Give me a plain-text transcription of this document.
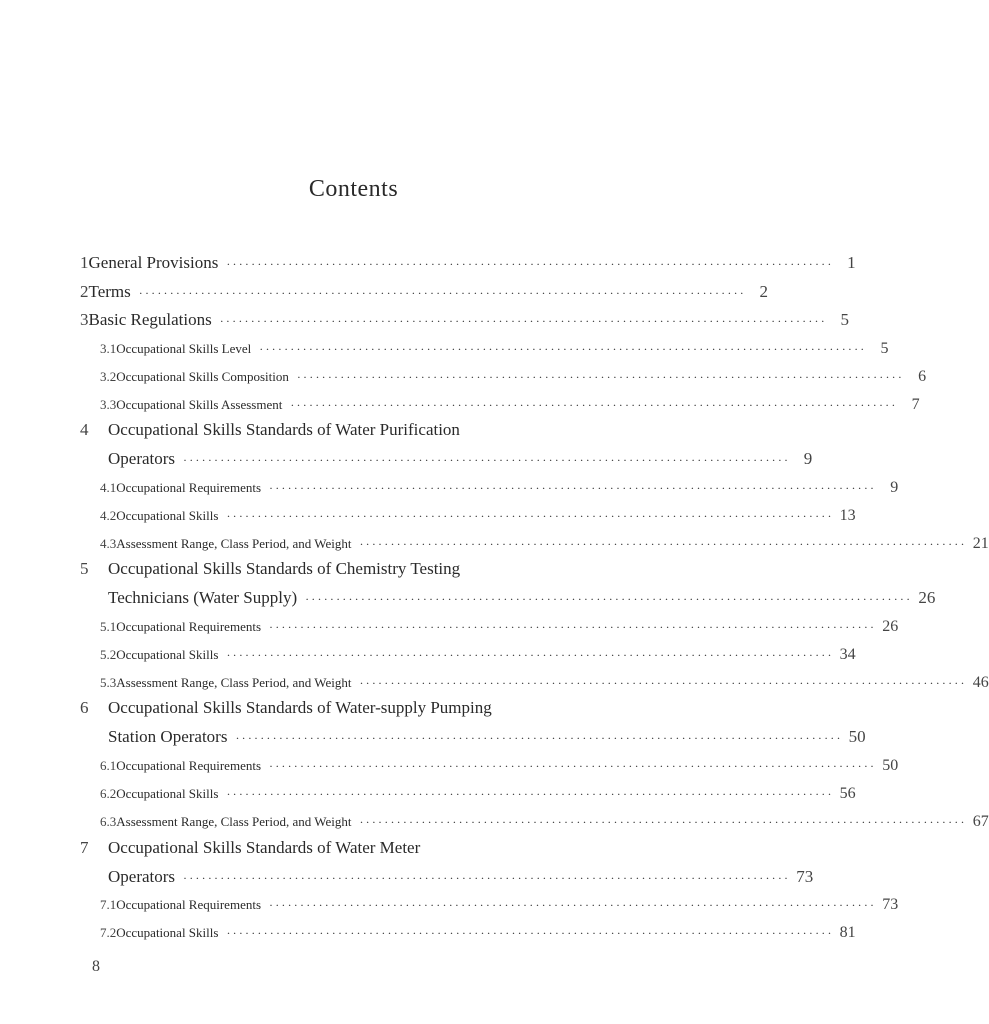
Contents
1 General Provisions ·································································································· 1
2 Terms ·································································································· 2
3 Basic Regulations ·································································································· 5
3.1 Occupational Skills Level ·································································································· 5
3.2 Occupational Skills Composition ·································································································· 6
3.3 Occupational Skills Assessment ·································································································· 7
4 Occupational Skills Standards of Water Purification
Operators ·································································································· 9
4.1 Occupational Requirements ·································································································· 9
4.2 Occupational Skills ·································································································· 13
4.3 Assessment Range, Class Period, and Weight ·································································································· 21
5 Occupational Skills Standards of Chemistry Testing
Technicians (Water Supply) ·································································································· 26
5.1 Occupational Requirements ·································································································· 26
5.2 Occupational Skills ·································································································· 34
5.3 Assessment Range, Class Period, and Weight ·································································································· 46
6 Occupational Skills Standards of Water-supply Pumping
Station Operators ·································································································· 50
6.1 Occupational Requirements ·································································································· 50
6.2 Occupational Skills ·································································································· 56
6.3 Assessment Range, Class Period, and Weight ·································································································· 67
7 Occupational Skills Standards of Water Meter
Operators ·································································································· 73
7.1 Occupational Requirements ·································································································· 73
7.2 Occupational Skills ·································································································· 81
8
